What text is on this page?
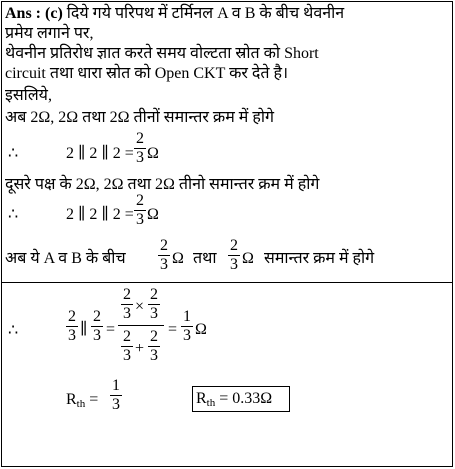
Ans : (c) दिये गये परिपथ में टर्मिनल A व B के बीच थेवनीन
प्रमेय लगाने पर,
थेवनीन प्रतिरोध ज्ञात करते समय वोल्टता स्रोत को Short
circuit तथा धारा स्रोत को Open CKT कर देते है।
इसलिये,
अब 2Ω, 2Ω तथा 2Ω तीनों समान्तर क्रम में होगे
∴	2 ∥ 2 ∥ 2 =
2
3 Ω
दूसरे पक्ष के 2Ω, 2Ω तथा 2Ω तीनो समान्तर क्रम में होगे
∴	2 ∥ 2 ∥ 2 =
2
3 Ω
अब ये A व B के बीच
2
3 Ω तथा
2
3 Ω समान्तर क्रम में होगे
∴
2
3 ∥
2
3 =
2
3 ×
2
3
2
3 +
2
3
=
1
3 Ω
Rth =
1
3	Rth = 0.33Ω
